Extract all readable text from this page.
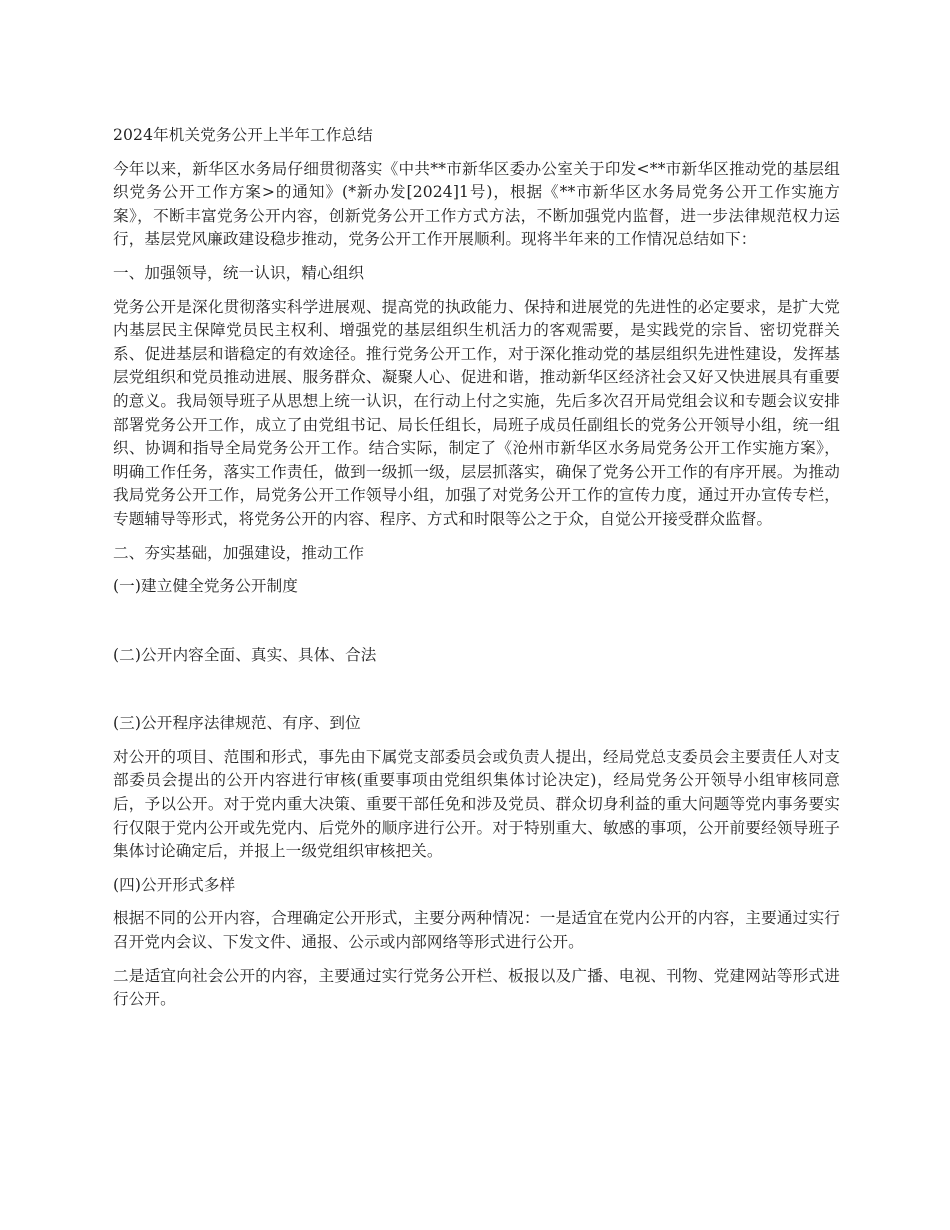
2024年机关党务公开上半年工作总结

今年以来，新华区水务局仔细贯彻落实《中共**市新华区委办公室关于印发<**市新华区推动党的基层组织党务公开工作方案>的通知》(*新办发[2024]1号)，根据《**市新华区水务局党务公开工作实施方案》，不断丰富党务公开内容，创新党务公开工作方式方法，不断加强党内监督，进一步法律规范权力运行，基层党风廉政建设稳步推动，党务公开工作开展顺利。现将半年来的工作情况总结如下：

一、加强领导，统一认识，精心组织

党务公开是深化贯彻落实科学进展观、提高党的执政能力、保持和进展党的先进性的必定要求，是扩大党内基层民主保障党员民主权利、增强党的基层组织生机活力的客观需要，是实践党的宗旨、密切党群关系、促进基层和谐稳定的有效途径。推行党务公开工作，对于深化推动党的基层组织先进性建设，发挥基层党组织和党员推动进展、服务群众、凝聚人心、促进和谐，推动新华区经济社会又好又快进展具有重要的意义。我局领导班子从思想上统一认识，在行动上付之实施，先后多次召开局党组会议和专题会议安排部署党务公开工作，成立了由党组书记、局长任组长，局班子成员任副组长的党务公开领导小组，统一组织、协调和指导全局党务公开工作。结合实际，制定了《沧州市新华区水务局党务公开工作实施方案》，明确工作任务，落实工作责任，做到一级抓一级，层层抓落实，确保了党务公开工作的有序开展。为推动我局党务公开工作，局党务公开工作领导小组，加强了对党务公开工作的宣传力度，通过开办宣传专栏，专题辅导等形式，将党务公开的内容、程序、方式和时限等公之于众，自觉公开接受群众监督。

二、夯实基础，加强建设，推动工作

(一)建立健全党务公开制度

(二)公开内容全面、真实、具体、合法

(三)公开程序法律规范、有序、到位

对公开的项目、范围和形式，事先由下属党支部委员会或负责人提出，经局党总支委员会主要责任人对支部委员会提出的公开内容进行审核(重要事项由党组织集体讨论决定)，经局党务公开领导小组审核同意后，予以公开。对于党内重大决策、重要干部任免和涉及党员、群众切身利益的重大问题等党内事务要实行仅限于党内公开或先党内、后党外的顺序进行公开。对于特别重大、敏感的事项，公开前要经领导班子集体讨论确定后，并报上一级党组织审核把关。

(四)公开形式多样

根据不同的公开内容，合理确定公开形式，主要分两种情况：一是适宜在党内公开的内容，主要通过实行召开党内会议、下发文件、通报、公示或内部网络等形式进行公开。

二是适宜向社会公开的内容，主要通过实行党务公开栏、板报以及广播、电视、刊物、党建网站等形式进行公开。
